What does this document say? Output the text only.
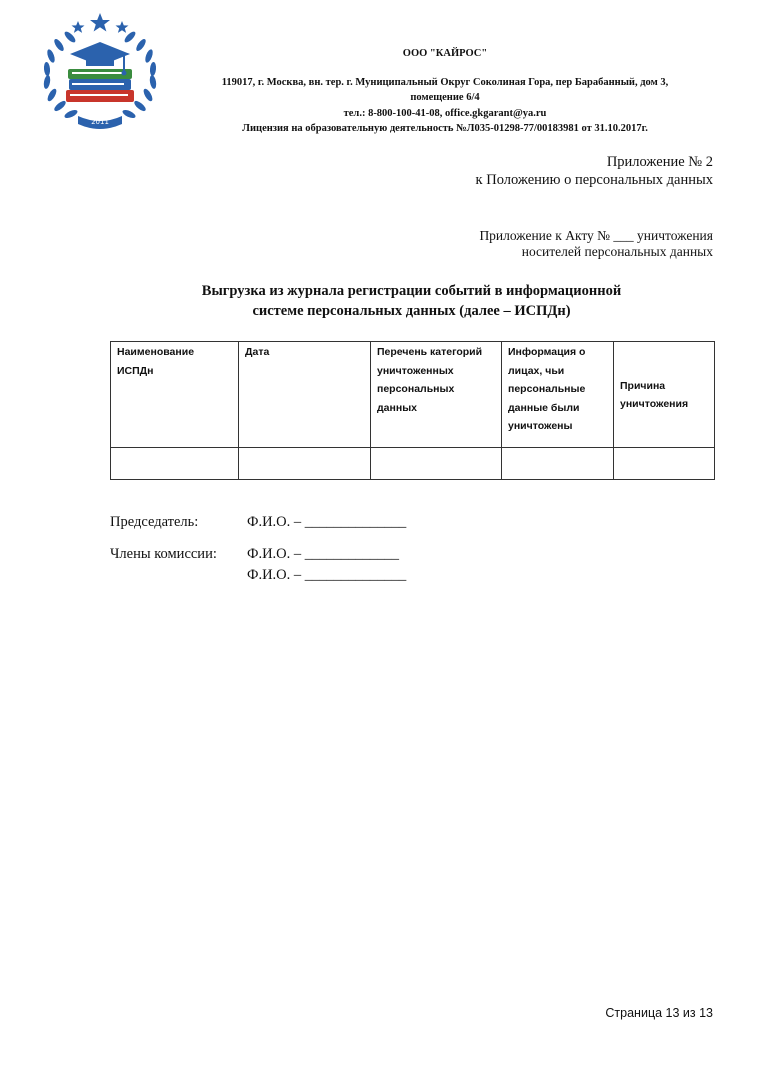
2011
ООО "КАЙРОС"
119017, г. Москва, вн. тер. г. Муниципальный Округ Соколиная Гора, пер Барабанный, дом 3,
помещение 6/4
тел.: 8-800-100-41-08, office.gkgarant@ya.ru
Лицензия на образовательную деятельность №Л035-01298-77/00183981 от 31.10.2017г.
Приложение № 2
к Положению о персональных данных
Приложение к Акту № ___ уничтожения
носителей персональных данных
Выгрузка из журнала регистрации событий в информационной
системе персональных данных (далее – ИСПДн)
Наименование
ИСПДн	Дата	Перечень категорий
уничтоженных
персональных
данных	Информация о
лицах, чьи
персональные
данные были
уничтожены	Причина
уничтожения

Председатель:	Ф.И.О. – ______________
Члены комиссии: Ф.И.О. – _____________
Ф.И.О. – ______________
Страница 13 из 13
